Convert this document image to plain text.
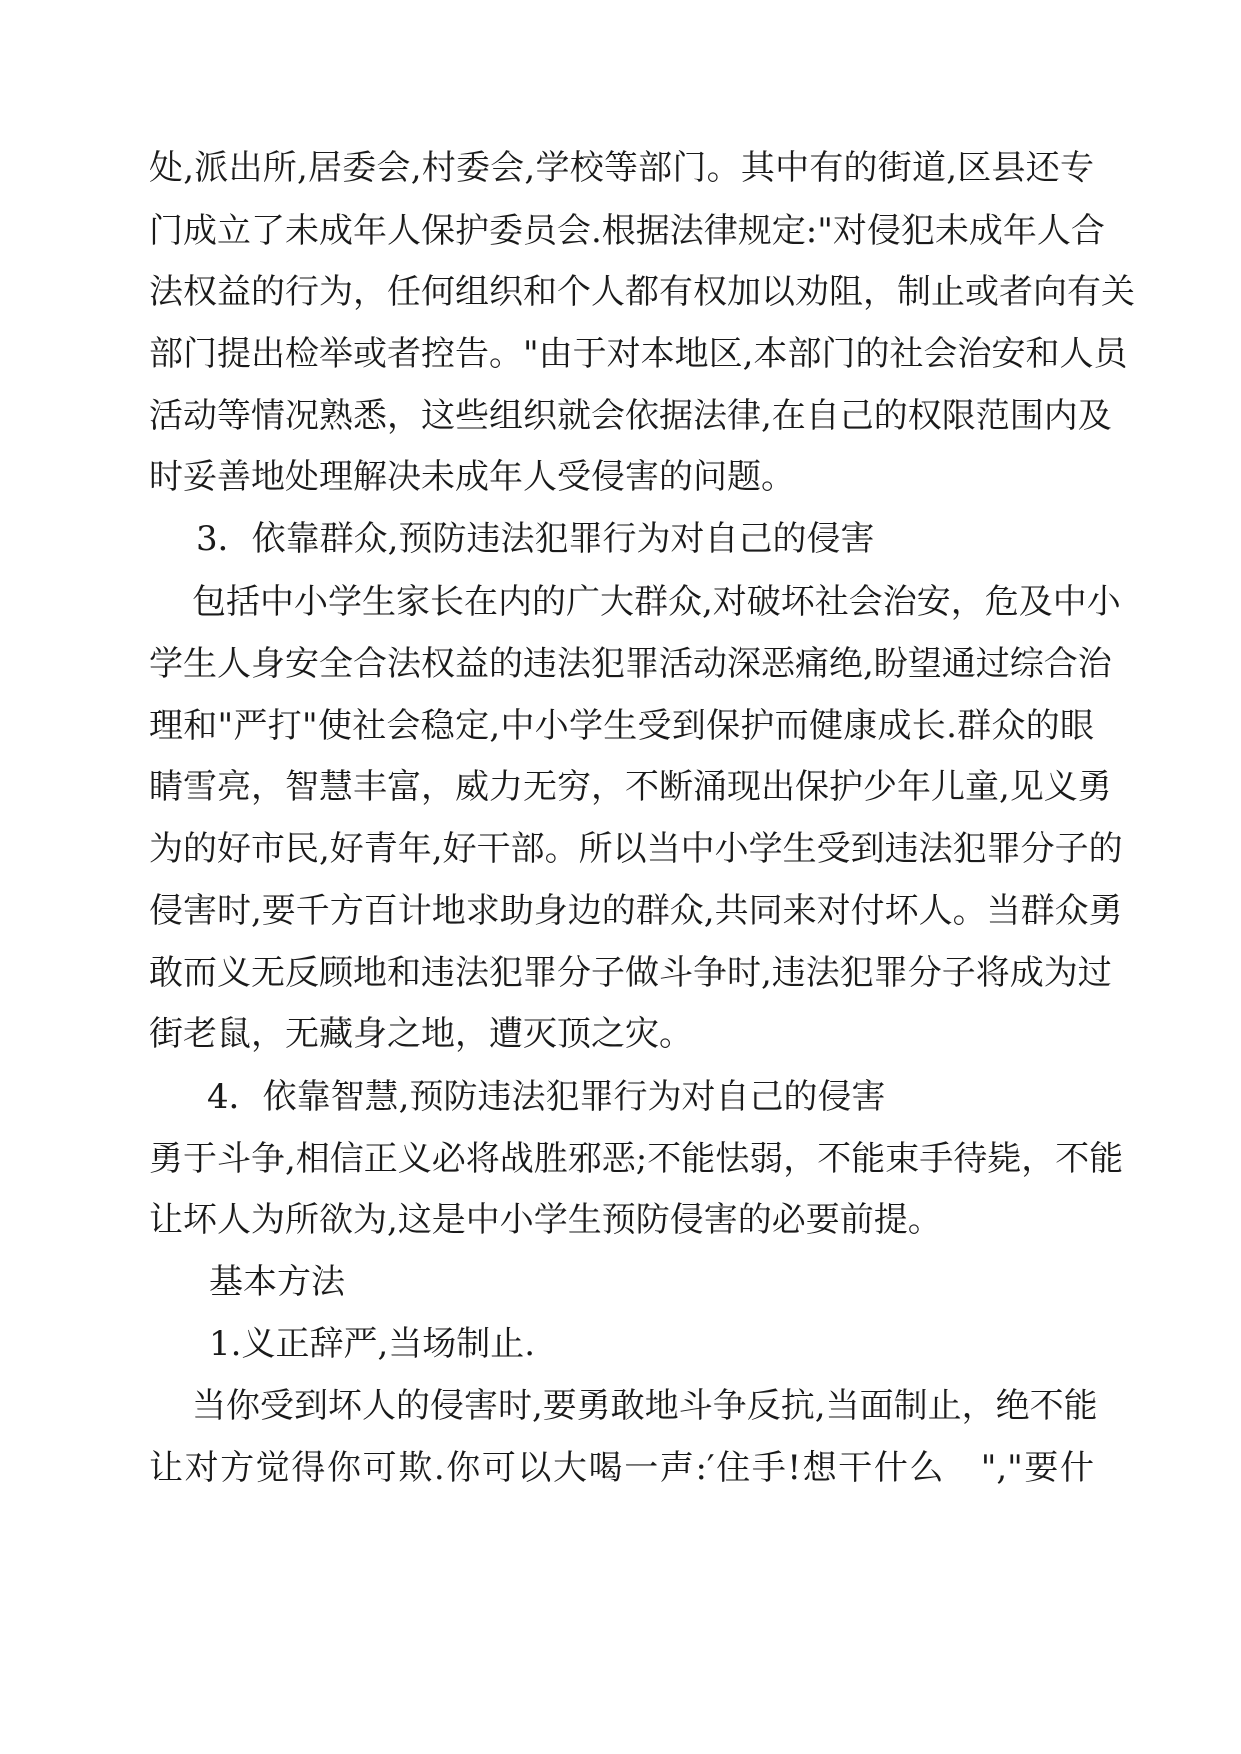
处,派出所,居委会,村委会,学校等部门。其中有的街道,区县还专

门成立了未成年人保护委员会.根据法律规定:"对侵犯未成年人合

法权益的行为，任何组织和个人都有权加以劝阻，制止或者向有关

部门提出检举或者控告。"由于对本地区,本部门的社会治安和人员

活动等情况熟悉，这些组织就会依据法律,在自己的权限范围内及

时妥善地处理解决未成年人受侵害的问题。

3．依靠群众,预防违法犯罪行为对自己的侵害

包括中小学生家长在内的广大群众,对破坏社会治安，危及中小

学生人身安全合法权益的违法犯罪活动深恶痛绝,盼望通过综合治

理和"严打"使社会稳定,中小学生受到保护而健康成长.群众的眼

睛雪亮，智慧丰富，威力无穷，不断涌现出保护少年儿童,见义勇

为的好市民,好青年,好干部。所以当中小学生受到违法犯罪分子的

侵害时,要千方百计地求助身边的群众,共同来对付坏人。当群众勇

敢而义无反顾地和违法犯罪分子做斗争时,违法犯罪分子将成为过

街老鼠，无藏身之地，遭灭顶之灾。

4．依靠智慧,预防违法犯罪行为对自己的侵害

勇于斗争,相信正义必将战胜邪恶;不能怯弱，不能束手待毙，不能

让坏人为所欲为,这是中小学生预防侵害的必要前提。

基本方法

1.义正辞严,当场制止.

当你受到坏人的侵害时,要勇敢地斗争反抗,当面制止，绝不能

让对方觉得你可欺.你可以大喝一声:′住手!想干什么　","要什
